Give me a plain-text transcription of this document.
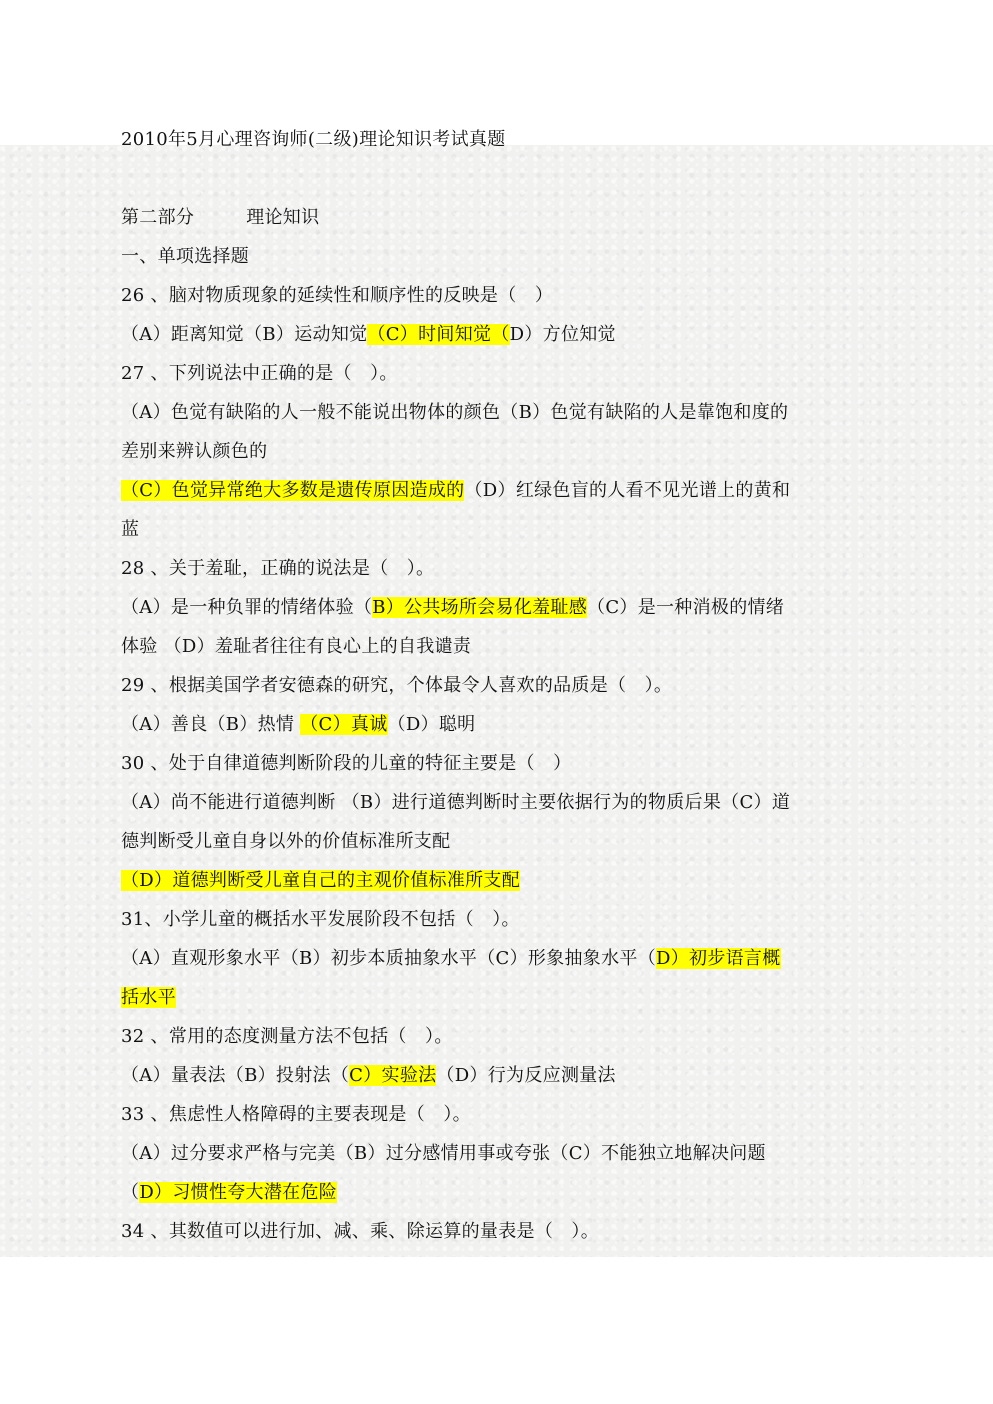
2010年5月心理咨询师(二级)理论知识考试真题
第二部分	理论知识
一、单项选择题
26 、脑对物质现象的延续性和顺序性的反映是（　）
（A）距离知觉（B）运动知觉（C）时间知觉（D）方位知觉
27 、下列说法中正确的是（　）。
（A）色觉有缺陷的人一般不能说出物体的颜色（B）色觉有缺陷的人是靠饱和度的
差别来辨认颜色的
（C）色觉异常绝大多数是遗传原因造成的（D）红绿色盲的人看不见光谱上的黄和
蓝
28 、关于羞耻，正确的说法是（　）。
（A）是一种负罪的情绪体验（B）公共场所会易化羞耻感（C）是一种消极的情绪
体验 （D）羞耻者往往有良心上的自我谴责
29 、根据美国学者安德森的研究，个体最令人喜欢的品质是（　）。
（A）善良（B）热情 （C）真诚（D）聪明
30 、处于自律道德判断阶段的儿童的特征主要是（　）
（A）尚不能进行道德判断 （B）进行道德判断时主要依据行为的物质后果（C）道
德判断受儿童自身以外的价值标准所支配
（D）道德判断受儿童自己的主观价值标准所支配
31、小学儿童的概括水平发展阶段不包括（　）。
（A）直观形象水平（B）初步本质抽象水平（C）形象抽象水平（D）初步语言概
括水平
32 、常用的态度测量方法不包括（　）。
（A）量表法（B）投射法（C）实验法（D）行为反应测量法
33 、焦虑性人格障碍的主要表现是（　）。
（A）过分要求严格与完美（B）过分感情用事或夸张（C）不能独立地解决问题
（D）习惯性夸大潜在危险
34 、其数值可以进行加、减、乘、除运算的量表是（　）。
